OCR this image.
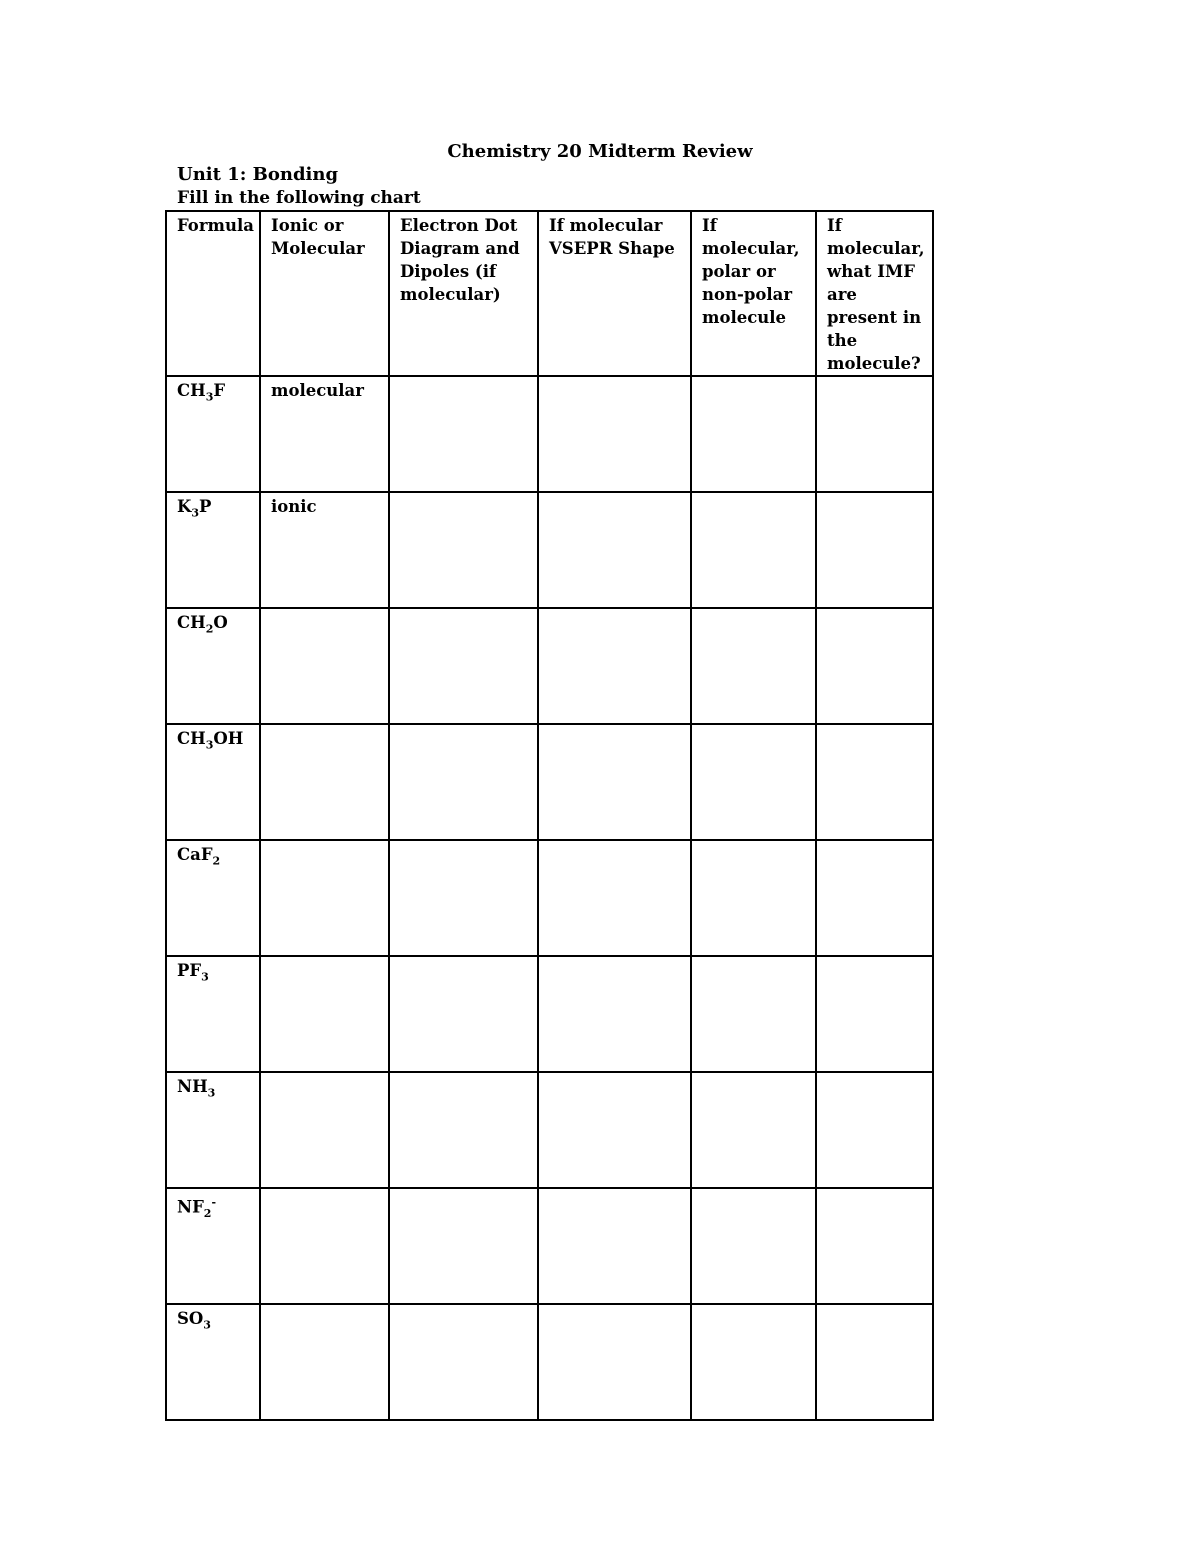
Chemistry 20 Midterm Review
Unit 1: Bonding
Fill in the following chart
Formula	Ionic or Molecular	Electron Dot Diagram and Dipoles (if molecular)	If molecular VSEPR Shape	If molecular, polar or non-polar molecule	If molecular, what IMF are present in the molecule?
$CH_3F$	molecular				
$K_3P$	ionic				
$CH_2O$					
$CH_3OH$					
CaF$_2$					
$PF_3$					
$NH_3$					
$NF_2^-$					
$SO_3$					
